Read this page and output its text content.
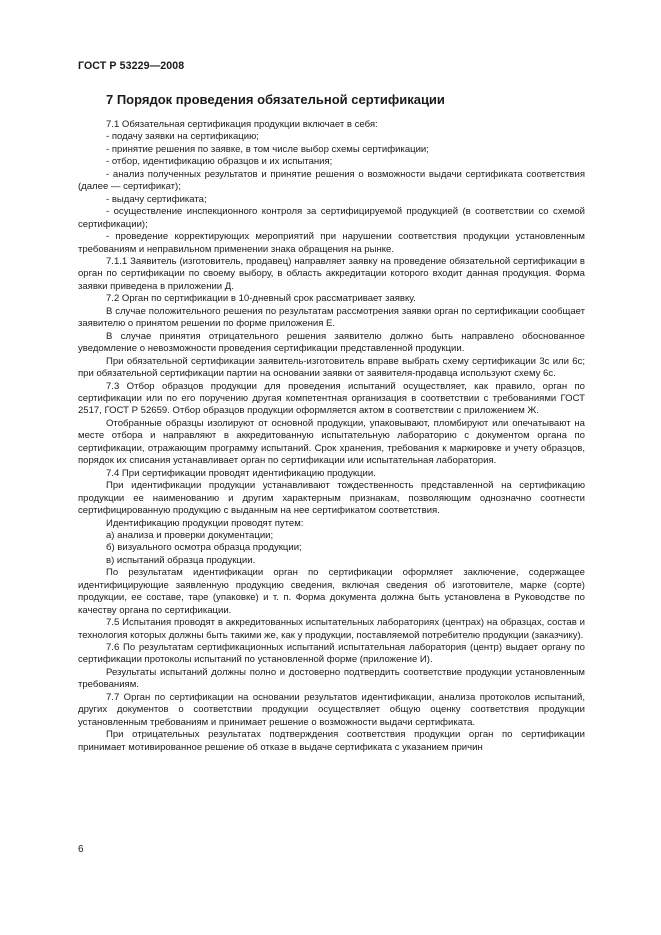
ГОСТ Р 53229—2008
7 Порядок проведения обязательной сертификации

7.1 Обязательная сертификация продукции включает в себя:

- подачу заявки на сертификацию;

- принятие решения по заявке, в том числе выбор схемы сертификации;

- отбор, идентификацию образцов и их испытания;

- анализ полученных результатов и принятие решения о возможности выдачи сертификата соответствия (далее — сертификат);

- выдачу сертификата;

- осуществление инспекционного контроля за сертифицируемой продукцией (в соответствии со схемой сертификации);

- проведение корректирующих мероприятий при нарушении соответствия продукции установленным требованиям и неправильном применении знака обращения на рынке.

7.1.1 Заявитель (изготовитель, продавец) направляет заявку на проведение обязательной сертификации в орган по сертификации по своему выбору, в область аккредитации которого входит данная продукция. Форма заявки приведена в приложении Д.

7.2 Орган по сертификации в 10-дневный срок рассматривает заявку.

В случае положительного решения по результатам рассмотрения заявки орган по сертификации сообщает заявителю о принятом решении по форме приложения Е.

В случае принятия отрицательного решения заявителю должно быть направлено обоснованное уведомление о невозможности проведения сертификации представленной продукции.

При обязательной сертификации заявитель-изготовитель вправе выбрать схему сертификации 3с или 6с; при обязательной сертификации партии на основании заявки от заявителя-продавца используют схему 6с.

7.3 Отбор образцов продукции для проведения испытаний осуществляет, как правило, орган по сертификации или по его поручению другая компетентная организация в соответствии с требованиями ГОСТ 2517, ГОСТ Р 52659. Отбор образцов продукции оформляется актом в соответствии с приложением Ж.

Отобранные образцы изолируют от основной продукции, упаковывают, пломбируют или опечатывают на месте отбора и направляют в аккредитованную испытательную лабораторию с документом органа по сертификации, отражающим программу испытаний. Срок хранения, требования к маркировке и учету образцов, порядок их списания устанавливает орган по сертификации или испытательная лаборатория.

7.4 При сертификации проводят идентификацию продукции.

При идентификации продукции устанавливают тождественность представленной на сертификацию продукции ее наименованию и другим характерным признакам, позволяющим однозначно соотнести сертифицированную продукцию с выданным на нее сертификатом соответствия.

Идентификацию продукции проводят путем:

а) анализа и проверки документации;

б) визуального осмотра образца продукции;

в) испытаний образца продукции.

По результатам идентификации орган по сертификации оформляет заключение, содержащее идентифицирующие заявленную продукцию сведения, включая сведения об изготовителе, марке (сорте) продукции, ее составе, таре (упаковке) и т. п. Форма документа должна быть установлена в Руководстве по качеству органа по сертификации.

7.5 Испытания проводят в аккредитованных испытательных лабораториях (центрах) на образцах, состав и технология которых должны быть такими же, как у продукции, поставляемой потребителю продукции (заказчику).

7.6 По результатам сертификационных испытаний испытательная лаборатория (центр) выдает органу по сертификации протоколы испытаний по установленной форме (приложение И).

Результаты испытаний должны полно и достоверно подтвердить соответствие продукции установленным требованиям.

7.7 Орган по сертификации на основании результатов идентификации, анализа протоколов испытаний, других документов о соответствии продукции осуществляет общую оценку соответствия продукции установленным требованиям и принимает решение о возможности выдачи сертификата.

При отрицательных результатах подтверждения соответствия продукции орган по сертификации принимает мотивированное решение об отказе в выдаче сертификата с указанием причин

6
